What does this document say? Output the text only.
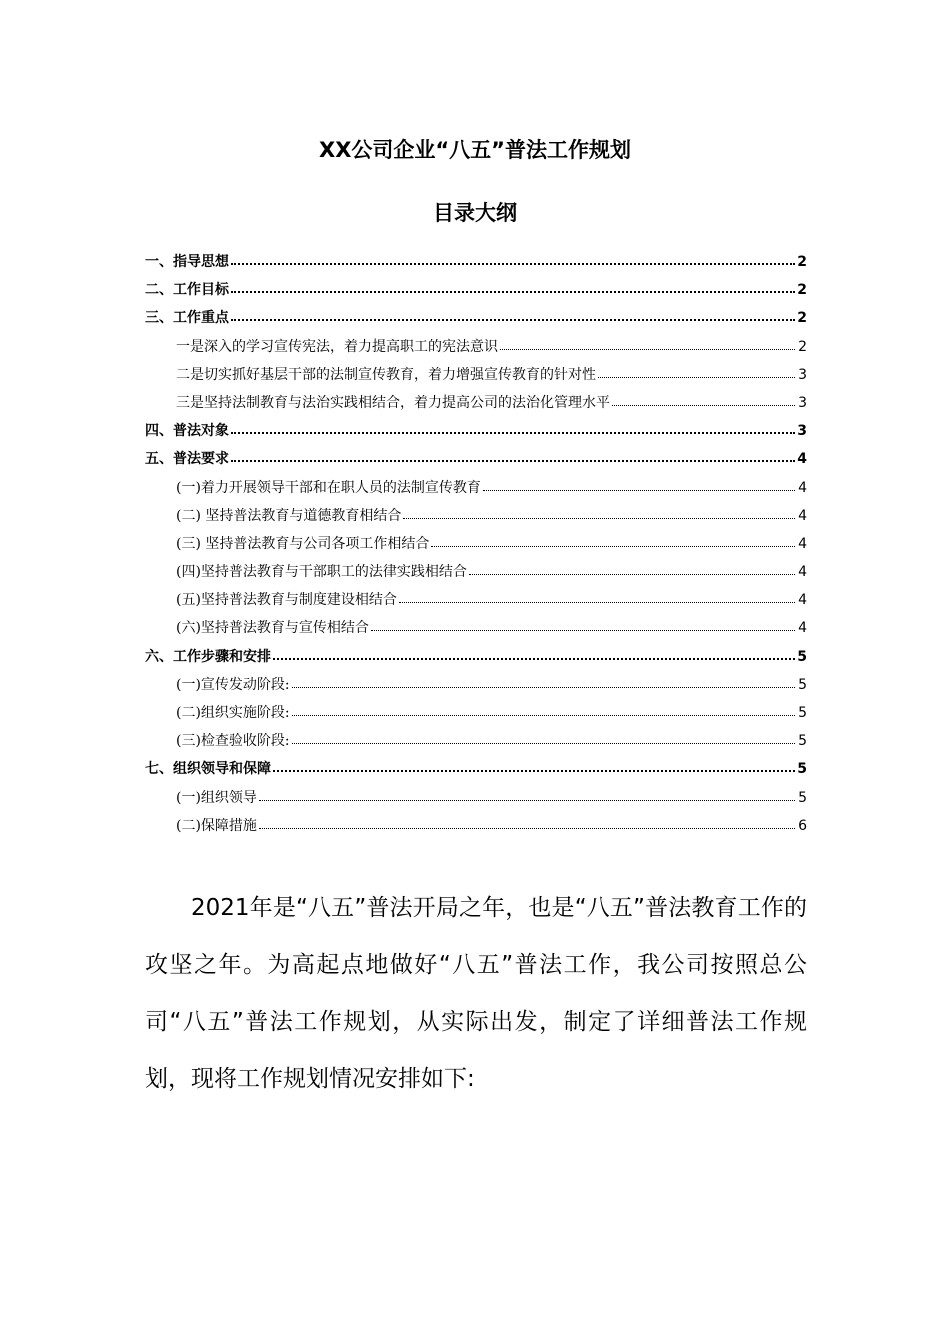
XX公司企业“八五”普法工作规划
目录大纲
一、指导思想	2
二、工作目标	2
三、工作重点	2
一是深入的学习宣传宪法，着力提高职工的宪法意识	2
二是切实抓好基层干部的法制宣传教育，着力增强宣传教育的针对性	3
三是坚持法制教育与法治实践相结合，着力提高公司的法治化管理水平	3
四、普法对象	3
五、普法要求	4
(一)着力开展领导干部和在职人员的法制宣传教育	4
(二) 坚持普法教育与道德教育相结合	4
(三) 坚持普法教育与公司各项工作相结合	4
(四)坚持普法教育与干部职工的法律实践相结合	4
(五)坚持普法教育与制度建设相结合	4
(六)坚持普法教育与宣传相结合	4
六、工作步骤和安排	5
(一)宣传发动阶段:	5
(二)组织实施阶段:	5
(三)检查验收阶段:	5
七、组织领导和保障	5
(一)组织领导	5
(二)保障措施	6

2021年是“八五”普法开局之年，也是“八五”普法教育工作的攻坚之年。为高起点地做好“八五”普法工作，我公司按照总公司“八五”普法工作规划，从实际出发，制定了详细普法工作规划，现将工作规划情况安排如下:
